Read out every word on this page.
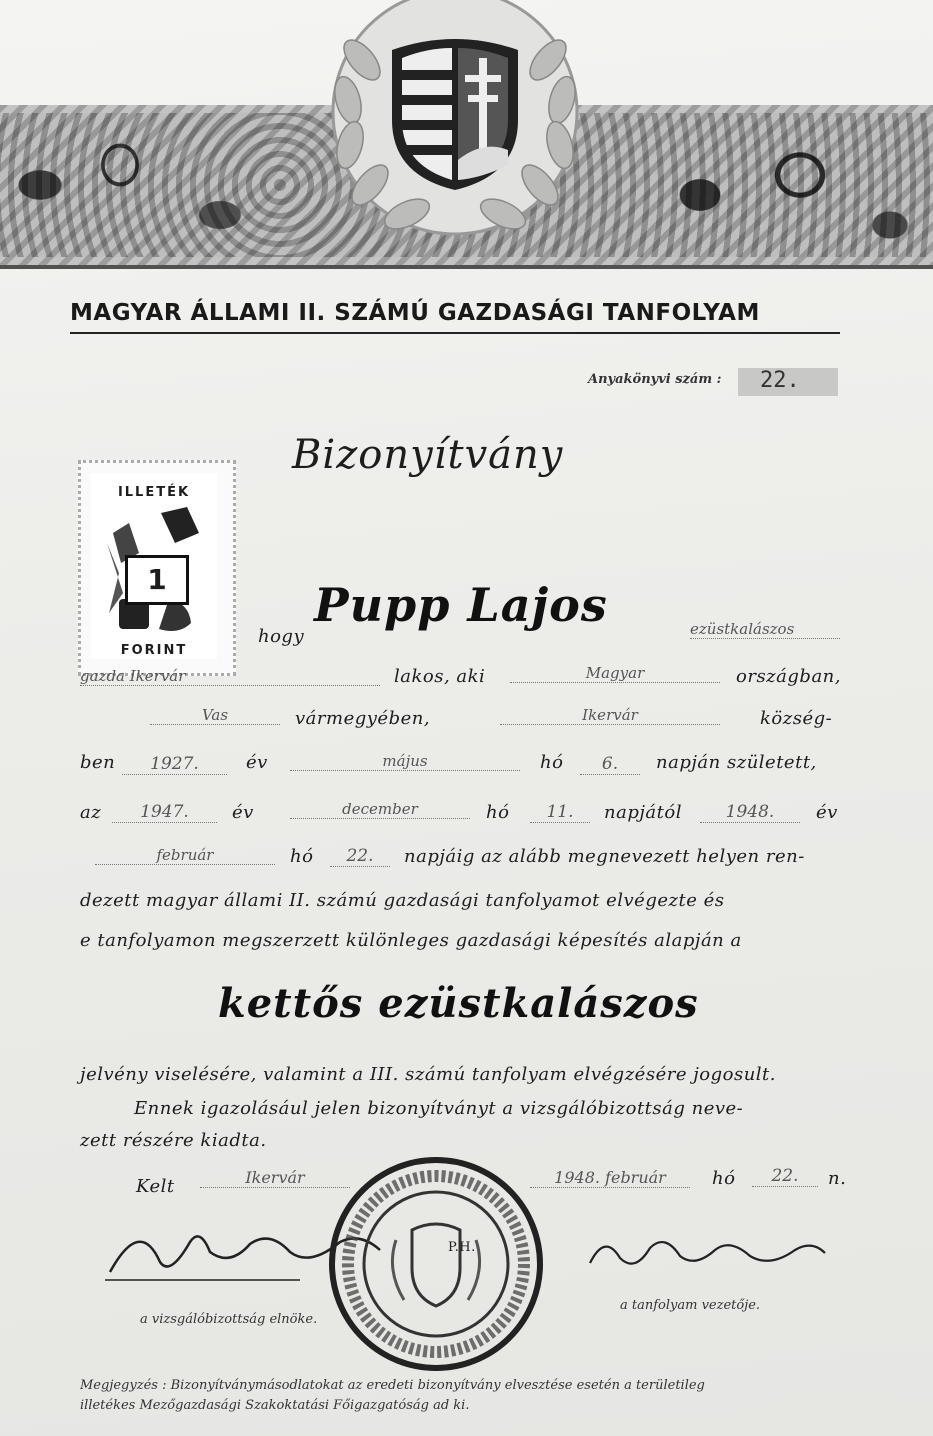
MAGYAR ÁLLAMI II. SZÁMÚ GAZDASÁGI TANFOLYAM
Anyakönyvi szám : 22.
Bizonyítvány
ILLETÉK
1
FORINT
hogy
Pupp Lajos	ezüstkalászos
gazda Ikervár	lakos, aki	Magyar	országban,
Vas	vármegyében,	Ikervár	község-
ben	1927.	év	május	hó	6.	napján született,
az	1947.	év	december	hó	11.	napjától	1948.	év
február	hó	22.	napjáig az alább megnevezett helyen ren-
dezett magyar állami II. számú gazdasági tanfolyamot elvégezte és
e tanfolyamon megszerzett különleges gazdasági képesítés alapján a
kettős ezüstkalászos
jelvény viselésére, valamint a III. számú tanfolyam elvégzésére jogosult.
Ennek igazolásául jelen bizonyítványt a vizsgálóbizottság neve-
zett részére kiadta.
Kelt	Ikervár	1948. február	hó	22.	n.
P.H.
a vizsgálóbizottság elnöke.
a tanfolyam vezetője.
Megjegyzés : Bizonyítványmásodlatokat az eredeti bizonyítvány elvesztése esetén a területileg
illetékes Mezőgazdasági Szakoktatási Főigazgatóság ad ki.
